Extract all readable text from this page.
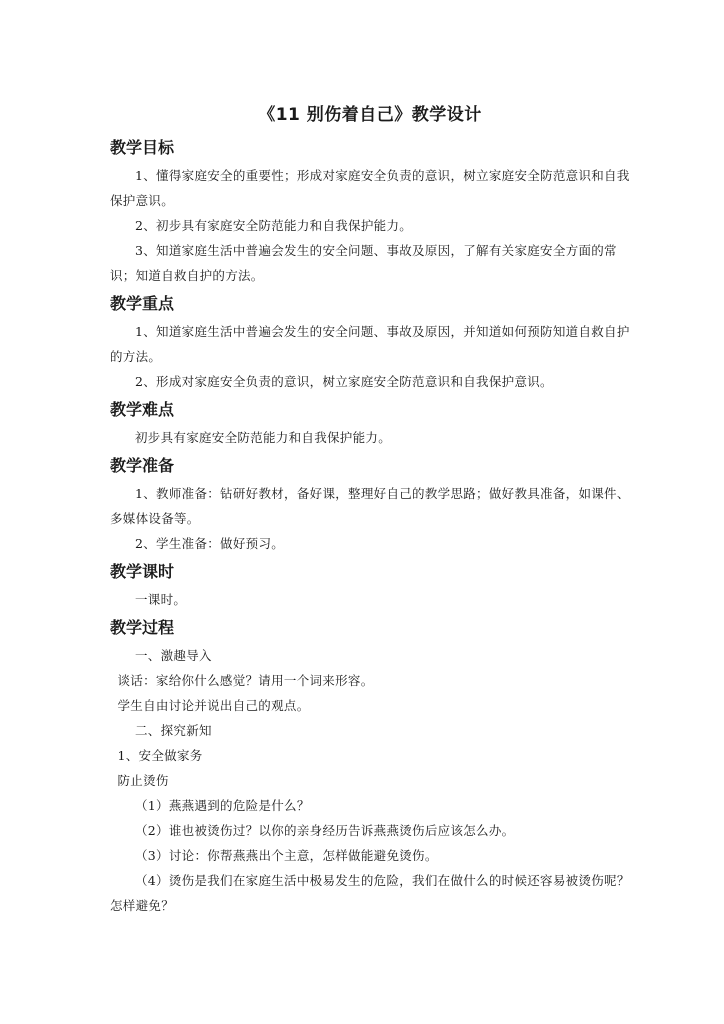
《11 别伤着自己》教学设计
教学目标

1、懂得家庭安全的重要性；形成对家庭安全负责的意识，树立家庭安全防范意识和自我保护意识。

2、初步具有家庭安全防范能力和自我保护能力。

3、知道家庭生活中普遍会发生的安全问题、事故及原因，了解有关家庭安全方面的常识；知道自救自护的方法。

教学重点

1、知道家庭生活中普遍会发生的安全问题、事故及原因，并知道如何预防知道自救自护的方法。

2、形成对家庭安全负责的意识，树立家庭安全防范意识和自我保护意识。

教学难点

初步具有家庭安全防范能力和自我保护能力。

教学准备

1、教师准备：钻研好教材，备好课，整理好自己的教学思路；做好教具准备，如课件、多媒体设备等。

2、学生准备：做好预习。

教学课时

一课时。

教学过程

一、激趣导入

谈话：家给你什么感觉？请用一个词来形容。

学生自由讨论并说出自己的观点。

二、探究新知

1、安全做家务

防止烫伤

（1）燕燕遇到的危险是什么？

（2）谁也被烫伤过？以你的亲身经历告诉燕燕烫伤后应该怎么办。

（3）讨论：你帮燕燕出个主意，怎样做能避免烫伤。

（4）烫伤是我们在家庭生活中极易发生的危险，我们在做什么的时候还容易被烫伤呢？怎样避免？
